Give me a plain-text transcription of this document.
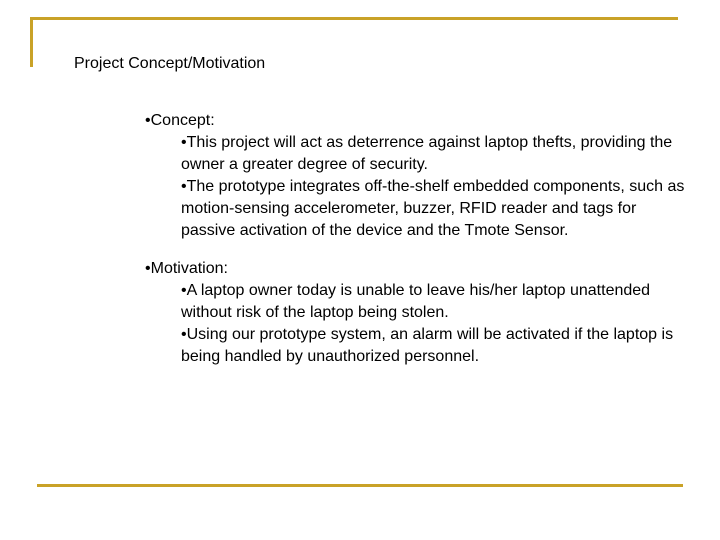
Project Concept/Motivation
• Concept:
• This project will act as deterrence against laptop thefts, providing the owner a greater degree of security.
• The prototype integrates off-the-shelf embedded components, such as motion-sensing accelerometer, buzzer, RFID reader and tags for passive activation of the device and the Tmote Sensor.
• Motivation:
• A laptop owner today is unable to leave his/her laptop unattended without risk of the laptop being stolen.
• Using our prototype system, an alarm will be activated if the laptop is being handled by unauthorized personnel.
